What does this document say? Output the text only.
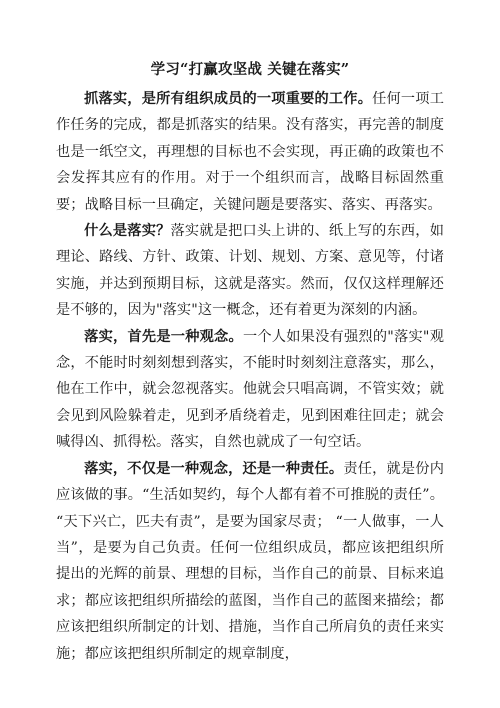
学习“打赢攻坚战 关键在落实”

抓落实，是所有组织成员的一项重要的工作。任何一项工作任务的完成，都是抓落实的结果。没有落实，再完善的制度也是一纸空文，再理想的目标也不会实现，再正确的政策也不会发挥其应有的作用。对于一个组织而言，战略目标固然重要；战略目标一旦确定，关键问题是要落实、落实、再落实。

什么是落实？落实就是把口头上讲的、纸上写的东西，如理论、路线、方针、政策、计划、规划、方案、意见等，付诸实施，并达到预期目标，这就是落实。然而，仅仅这样理解还是不够的，因为"落实"这一概念，还有着更为深刻的内涵。

落实，首先是一种观念。一个人如果没有强烈的"落实"观念，不能时时刻刻想到落实，不能时时刻刻注意落实，那么，他在工作中，就会忽视落实。他就会只唱高调，不管实效；就会见到风险躲着走，见到矛盾绕着走，见到困难往回走；就会喊得凶、抓得松。落实，自然也就成了一句空话。

落实，不仅是一种观念，还是一种责任。责任，就是份内应该做的事。“生活如契约，每个人都有着不可推脱的责任”。 “天下兴亡，匹夫有责”，是要为国家尽责； “一人做事，一人当”，是要为自己负责。任何一位组织成员，都应该把组织所提出的光辉的前景、理想的目标，当作自己的前景、目标来追求；都应该把组织所描绘的蓝图，当作自己的蓝图来描绘；都应该把组织所制定的计划、措施，当作自己所肩负的责任来实施；都应该把组织所制定的规章制度，
